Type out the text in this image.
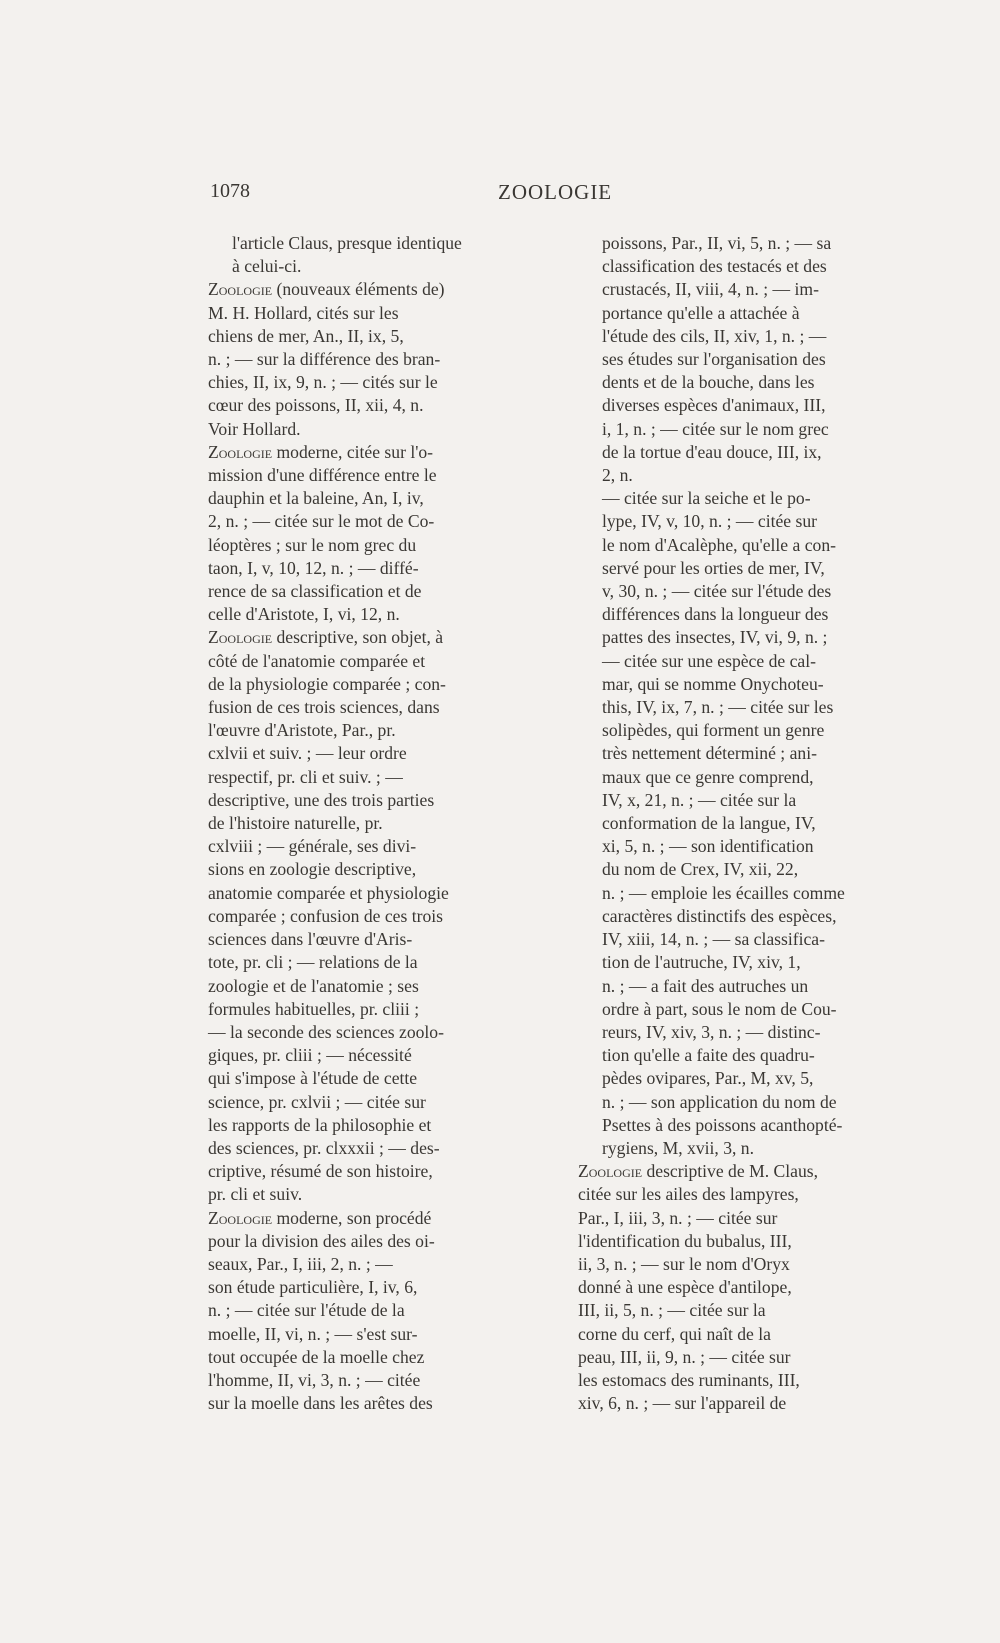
1078	ZOOLOGIE

l'article Claus, presque identique
à celui-ci.

Zoologie (nouveaux éléments de)
M. H. Hollard, cités sur les
chiens de mer, An., II, ix, 5,
n. ; — sur la différence des bran-
chies, II, ix, 9, n. ; — cités sur le
cœur des poissons, II, xii, 4, n.
Voir Hollard.

Zoologie moderne, citée sur l'o-
mission d'une différence entre le
dauphin et la baleine, An, I, iv,
2, n. ; — citée sur le mot de Co-
léoptères ; sur le nom grec du
taon, I, v, 10, 12, n. ; — diffé-
rence de sa classification et de
celle d'Aristote, I, vi, 12, n.

Zoologie descriptive, son objet, à
côté de l'anatomie comparée et
de la physiologie comparée ; con-
fusion de ces trois sciences, dans
l'œuvre d'Aristote, Par., pr.
cxlvii et suiv. ; — leur ordre
respectif, pr. cli et suiv. ; —
descriptive, une des trois parties
de l'histoire naturelle, pr.
cxlviii ; — générale, ses divi-
sions en zoologie descriptive,
anatomie comparée et physiologie
comparée ; confusion de ces trois
sciences dans l'œuvre d'Aris-
tote, pr. cli ; — relations de la
zoologie et de l'anatomie ; ses
formules habituelles, pr. cliii ;
— la seconde des sciences zoolo-
giques, pr. cliii ; — nécessité
qui s'impose à l'étude de cette
science, pr. cxlvii ; — citée sur
les rapports de la philosophie et
des sciences, pr. clxxxii ; — des-
criptive, résumé de son histoire,
pr. cli et suiv.

Zoologie moderne, son procédé
pour la division des ailes des oi-
seaux, Par., I, iii, 2, n. ; —
son étude particulière, I, iv, 6,
n. ; — citée sur l'étude de la
moelle, II, vi, n. ; — s'est sur-
tout occupée de la moelle chez
l'homme, II, vi, 3, n. ; — citée
sur la moelle dans les arêtes des

poissons, Par., II, vi, 5, n. ; — sa
classification des testacés et des
crustacés, II, viii, 4, n. ; — im-
portance qu'elle a attachée à
l'étude des cils, II, xiv, 1, n. ; —
ses études sur l'organisation des
dents et de la bouche, dans les
diverses espèces d'animaux, III,
i, 1, n. ; — citée sur le nom grec
de la tortue d'eau douce, III, ix,
2, n.

— citée sur la seiche et le po-
lype, IV, v, 10, n. ; — citée sur
le nom d'Acalèphe, qu'elle a con-
servé pour les orties de mer, IV,
v, 30, n. ; — citée sur l'étude des
différences dans la longueur des
pattes des insectes, IV, vi, 9, n. ;
— citée sur une espèce de cal-
mar, qui se nomme Onychoteu-
this, IV, ix, 7, n. ; — citée sur les
solipèdes, qui forment un genre
très nettement déterminé ; ani-
maux que ce genre comprend,
IV, x, 21, n. ; — citée sur la
conformation de la langue, IV,
xi, 5, n. ; — son identification
du nom de Crex, IV, xii, 22,
n. ; — emploie les écailles comme
caractères distinctifs des espèces,
IV, xiii, 14, n. ; — sa classifica-
tion de l'autruche, IV, xiv, 1,
n. ; — a fait des autruches un
ordre à part, sous le nom de Cou-
reurs, IV, xiv, 3, n. ; — distinc-
tion qu'elle a faite des quadru-
pèdes ovipares, Par., M, xv, 5,
n. ; — son application du nom de
Psettes à des poissons acanthopté-
rygiens, M, xvii, 3, n.

Zoologie descriptive de M. Claus,
citée sur les ailes des lampyres,
Par., I, iii, 3, n. ; — citée sur
l'identification du bubalus, III,
ii, 3, n. ; — sur le nom d'Oryx
donné à une espèce d'antilope,
III, ii, 5, n. ; — citée sur la
corne du cerf, qui naît de la
peau, III, ii, 9, n. ; — citée sur
les estomacs des ruminants, III,
xiv, 6, n. ; — sur l'appareil de
